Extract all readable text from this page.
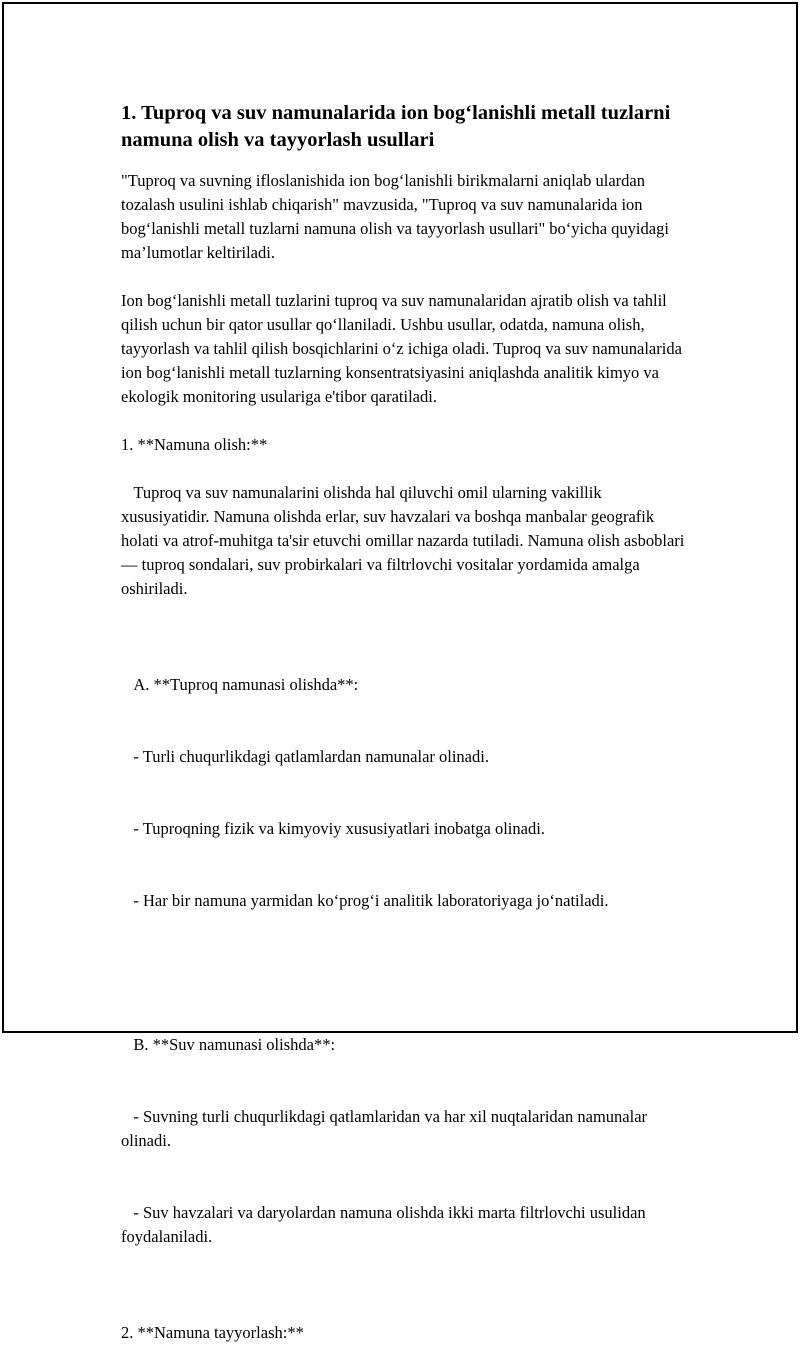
1. Tuproq va suv namunalarida ion bog‘lanishli metall tuzlarni namuna olish va tayyorlash usullari

"Tuproq va suvning ifloslanishida ion bog‘lanishli birikmalarni aniqlab ulardan tozalash usulini ishlab chiqarish" mavzusida, "Tuproq va suv namunalarida ion bog‘lanishli metall tuzlarni namuna olish va tayyorlash usullari" bo‘yicha quyidagi ma’lumotlar keltiriladi.

Ion bog‘lanishli metall tuzlarini tuproq va suv namunalaridan ajratib olish va tahlil qilish uchun bir qator usullar qo‘llaniladi. Ushbu usullar, odatda, namuna olish, tayyorlash va tahlil qilish bosqichlarini o‘z ichiga oladi. Tuproq va suv namunalarida ion bog‘lanishli metall tuzlarning konsentratsiyasini aniqlashda analitik kimyo va ekologik monitoring usulariga e'tibor qaratiladi.

1. **Namuna olish:**

Tuproq va suv namunalarini olishda hal qiluvchi omil ularning vakillik xususiyatidir. Namuna olishda erlar, suv havzalari va boshqa manbalar geografik holati va atrof-muhitga ta'sir etuvchi omillar nazarda tutiladi. Namuna olish asboblari — tuproq sondalari, suv probirkalari va filtrlovchi vositalar yordamida amalga oshiriladi.

A. **Tuproq namunasi olishda**:

- Turli chuqurlikdagi qatlamlardan namunalar olinadi.

- Tuproqning fizik va kimyoviy xususiyatlari inobatga olinadi.

- Har bir namuna yarmidan ko‘prog‘i analitik laboratoriyaga jo‘natiladi.

B. **Suv namunasi olishda**:

- Suvning turli chuqurlikdagi qatlamlaridan va har xil nuqtalaridan namunalar olinadi.

- Suv havzalari va daryolardan namuna olishda ikki marta filtrlovchi usulidan foydalaniladi.

2. **Namuna tayyorlash:**
